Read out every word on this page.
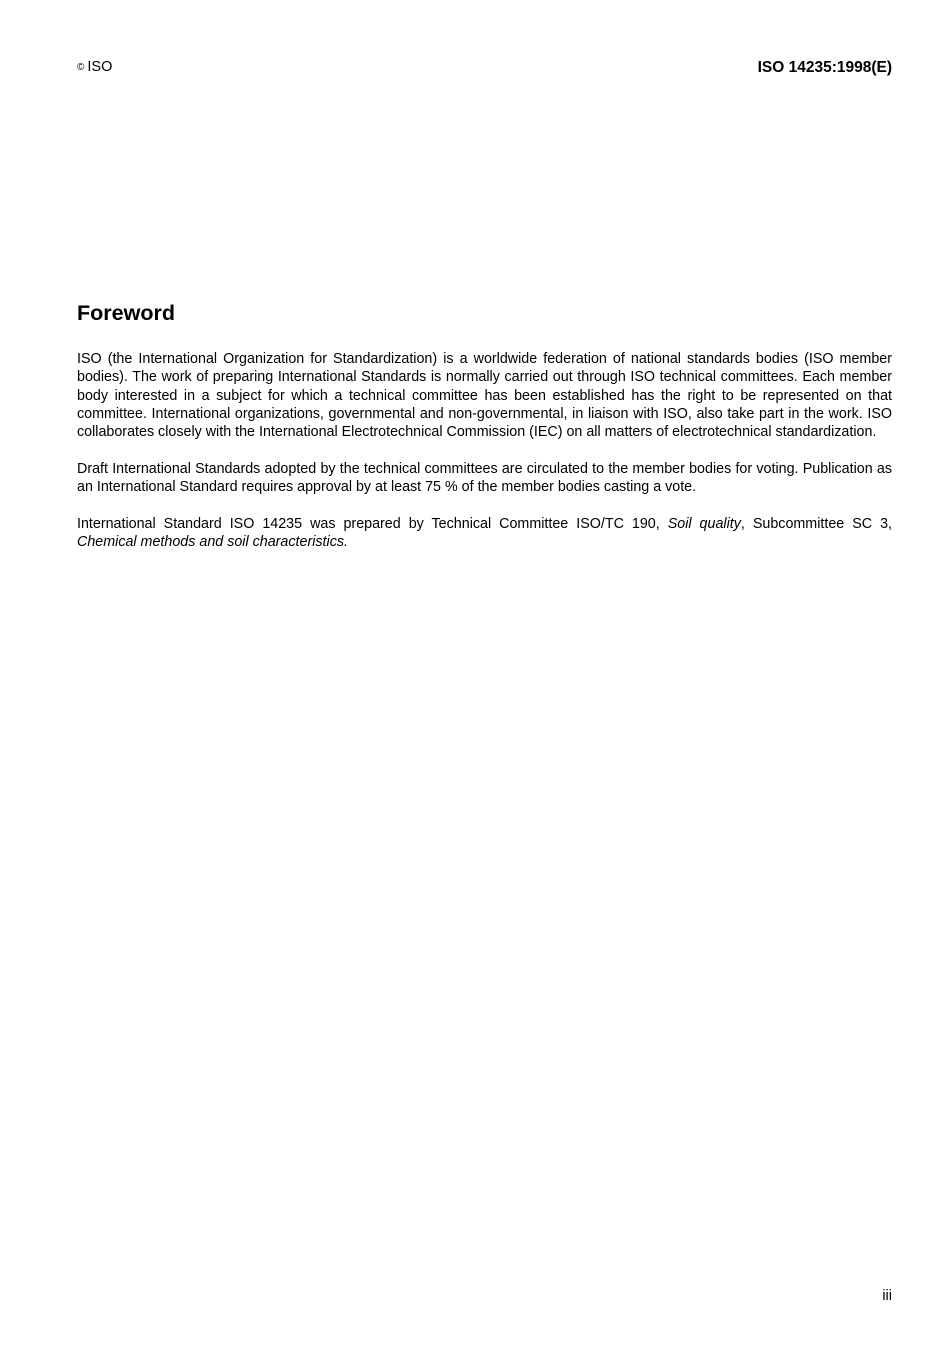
© ISO	ISO 14235:1998(E)
Foreword

ISO (the International Organization for Standardization) is a worldwide federation of national standards bodies (ISO member bodies). The work of preparing International Standards is normally carried out through ISO technical committees. Each member body interested in a subject for which a technical committee has been established has the right to be represented on that committee. International organizations, governmental and non-governmental, in liaison with ISO, also take part in the work. ISO collaborates closely with the International Electrotechnical Commission (IEC) on all matters of electrotechnical standardization.

Draft International Standards adopted by the technical committees are circulated to the member bodies for voting. Publication as an International Standard requires approval by at least 75 % of the member bodies casting a vote.

International Standard ISO 14235 was prepared by Technical Committee ISO/TC 190, Soil quality, Subcommittee SC 3, Chemical methods and soil characteristics.

iii
